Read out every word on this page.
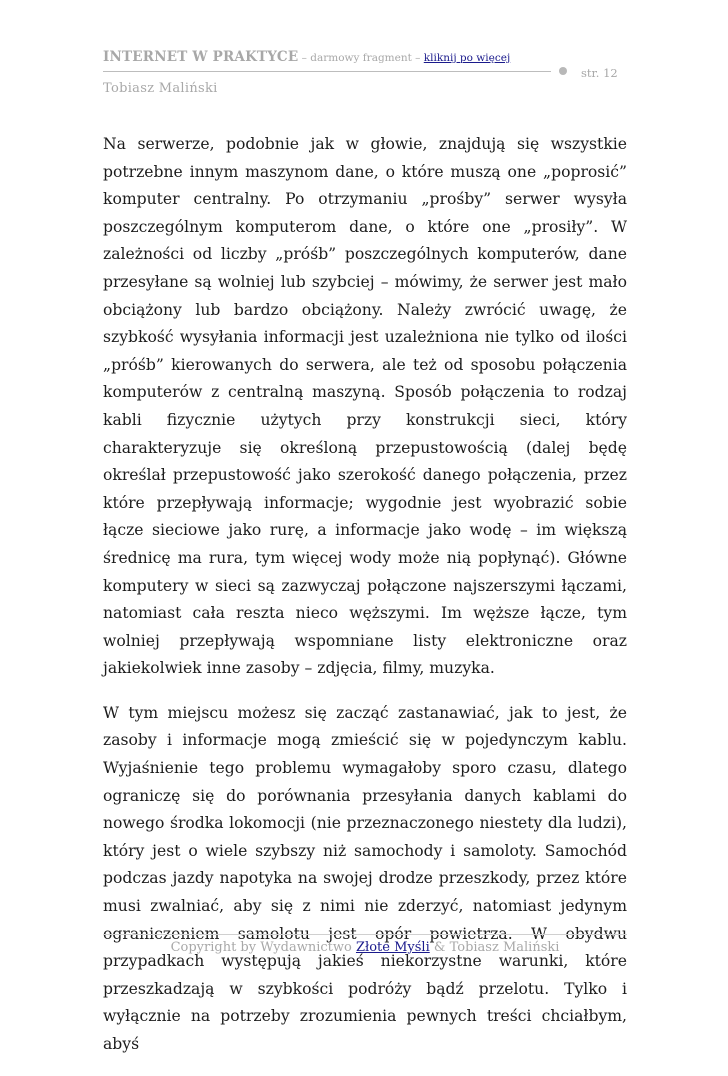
INTERNET W PRAKTYCE – darmowy fragment – kliknij po więcej
str. 12
Tobiasz Maliński

Na serwerze, podobnie jak w głowie, znajdują się wszystkie potrzebne innym maszynom dane, o które muszą one „poprosić” komputer centralny. Po otrzymaniu „prośby” serwer wysyła poszczególnym komputerom dane, o które one „prosiły”. W zależności od liczby „próśb” poszczególnych komputerów, dane przesyłane są wolniej lub szybciej – mówimy, że serwer jest mało obciążony lub bardzo obciążony. Należy zwrócić uwagę, że szybkość wysyłania informacji jest uzależniona nie tylko od ilości „próśb” kierowanych do serwera, ale też od sposobu połączenia komputerów z centralną maszyną. Sposób połączenia to rodzaj kabli fizycznie użytych przy konstrukcji sieci, który charakteryzuje się określoną przepustowością (dalej będę określał przepustowość jako szerokość danego połączenia, przez które przepływają informacje; wygodnie jest wyobrazić sobie łącze sieciowe jako rurę, a informacje jako wodę – im większą średnicę ma rura, tym więcej wody może nią popłynąć). Główne komputery w sieci są zazwyczaj połączone najszerszymi łączami, natomiast cała reszta nieco węższymi. Im węższe łącze, tym wolniej przepływają wspomniane listy elektroniczne oraz jakiekolwiek inne zasoby – zdjęcia, filmy, muzyka.

W tym miejscu możesz się zacząć zastanawiać, jak to jest, że zasoby i informacje mogą zmieścić się w pojedynczym kablu. Wyjaśnienie tego problemu wymagałoby sporo czasu, dlatego ograniczę się do porównania przesyłania danych kablami do nowego środka lokomocji (nie przeznaczonego niestety dla ludzi), który jest o wiele szybszy niż samochody i samoloty. Samochód podczas jazdy napotyka na swojej drodze przeszkody, przez które musi zwalniać, aby się z nimi nie zderzyć, natomiast jedynym ograniczeniem samolotu jest opór powietrza. W obydwu przypadkach występują jakieś niekorzystne warunki, które przeszkadzają w szybkości podróży bądź przelotu. Tylko i wyłącznie na potrzeby zrozumienia pewnych treści chciałbym, abyś

Copyright by Wydawnictwo Złote Myśli & Tobiasz Maliński
